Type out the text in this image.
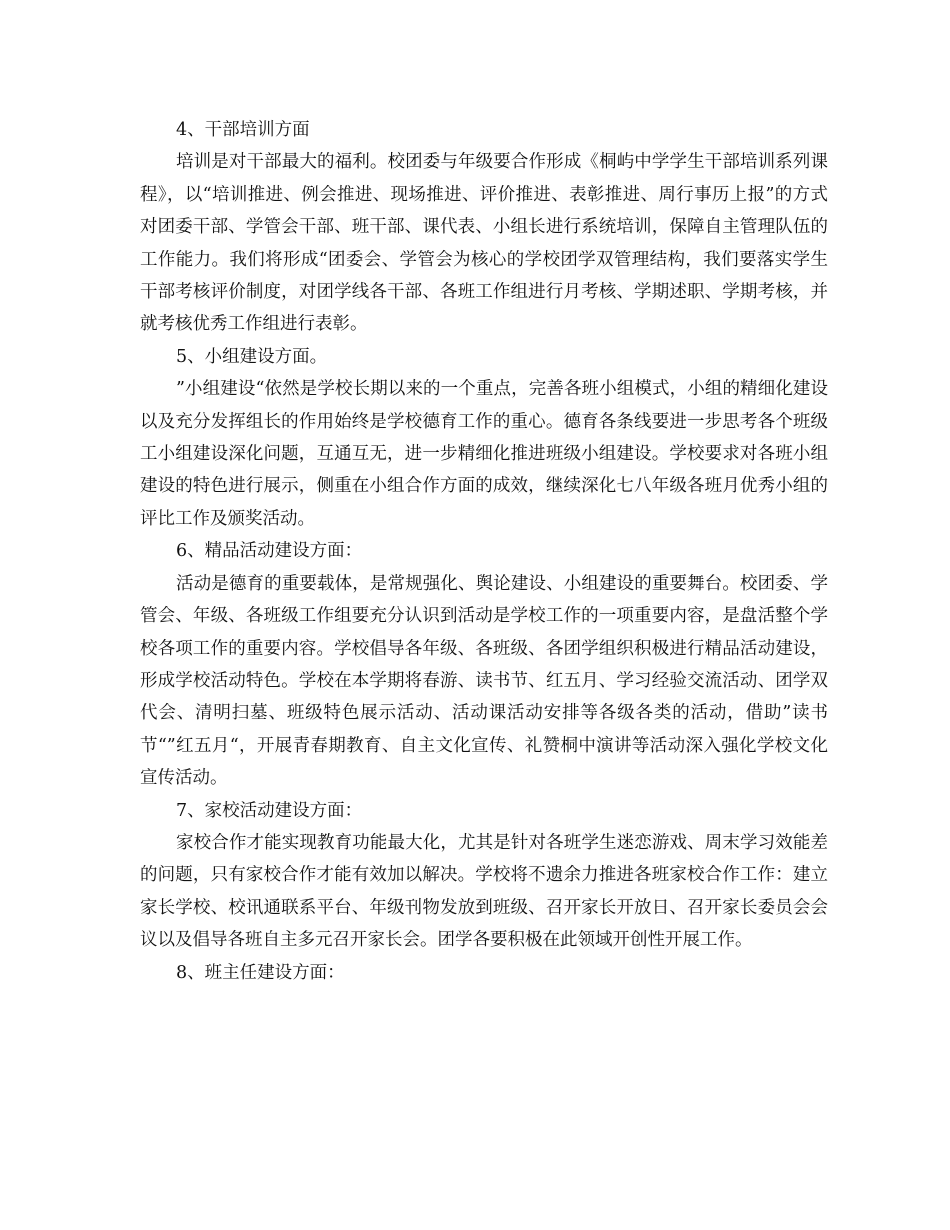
4、干部培训方面

培训是对干部最大的福利。校团委与年级要合作形成《桐屿中学学生干部培训系列课程》，以“培训推进、例会推进、现场推进、评价推进、表彰推进、周行事历上报”的方式对团委干部、学管会干部、班干部、课代表、小组长进行系统培训，保障自主管理队伍的工作能力。我们将形成“团委会、学管会为核心的学校团学双管理结构，我们要落实学生干部考核评价制度，对团学线各干部、各班工作组进行月考核、学期述职、学期考核，并就考核优秀工作组进行表彰。

5、小组建设方面。

”小组建设“依然是学校长期以来的一个重点，完善各班小组模式，小组的精细化建设以及充分发挥组长的作用始终是学校德育工作的重心。德育各条线要进一步思考各个班级工小组建设深化问题，互通互无，进一步精细化推进班级小组建设。学校要求对各班小组建设的特色进行展示，侧重在小组合作方面的成效，继续深化七八年级各班月优秀小组的评比工作及颁奖活动。

6、精品活动建设方面：

活动是德育的重要载体，是常规强化、舆论建设、小组建设的重要舞台。校团委、学管会、年级、各班级工作组要充分认识到活动是学校工作的一项重要内容，是盘活整个学校各项工作的重要内容。学校倡导各年级、各班级、各团学组织积极进行精品活动建设，形成学校活动特色。学校在本学期将春游、读书节、红五月、学习经验交流活动、团学双代会、清明扫墓、班级特色展示活动、活动课活动安排等各级各类的活动，借助”读书节“”红五月“，开展青春期教育、自主文化宣传、礼赞桐中演讲等活动深入强化学校文化宣传活动。

7、家校活动建设方面：

家校合作才能实现教育功能最大化，尤其是针对各班学生迷恋游戏、周末学习效能差的问题，只有家校合作才能有效加以解决。学校将不遗余力推进各班家校合作工作：建立家长学校、校讯通联系平台、年级刊物发放到班级、召开家长开放日、召开家长委员会会议以及倡导各班自主多元召开家长会。团学各要积极在此领域开创性开展工作。

8、班主任建设方面：
